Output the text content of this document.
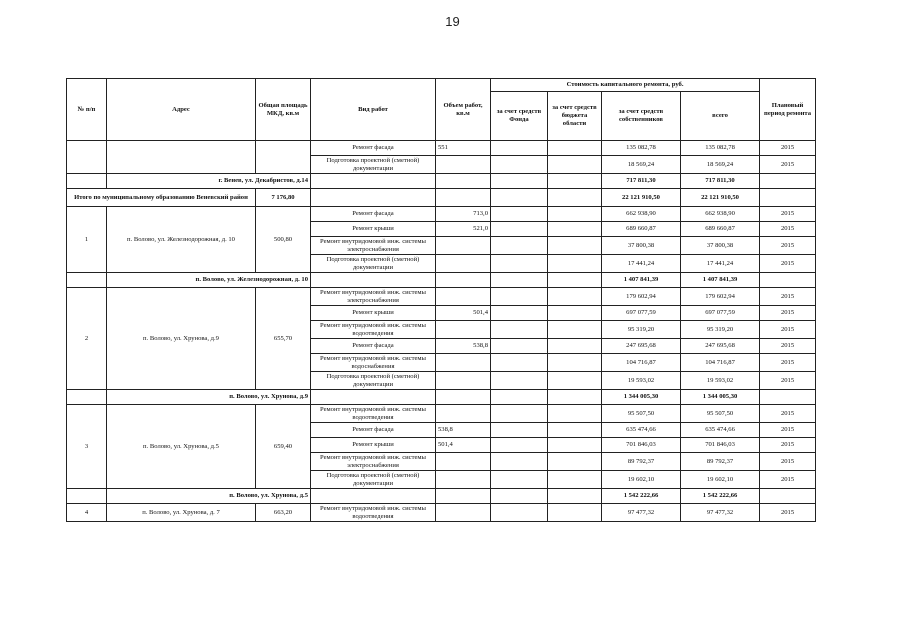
19
№ п/п	Адрес	Общая площадь МКД, кв.м	Вид работ	Объем работ, кв.м	Стоимость капитального ремонта, руб.				Плановый период ремонта
					за счет средств Фонда	за счет средств бюджета области	за счет средств собственников	всего	
			Ремонт фасада	551			135 082,78	135 082,78	2015
			Подготовка проектной (сметной) документации				18 569,24	18 569,24	2015
	г. Венев, ул. Декабристов, д.14						717 811,30	717 811,30	
Итого по муниципальному образованию Веневский район		7 176,80					22 121 910,50	22 121 910,50	
1	п. Волово, ул. Железнодорожная, д. 10	500,80	Ремонт фасада	713,0			662 938,90	662 938,90	2015
			Ремонт крыши	521,0			689 660,87	689 660,87	2015
			Ремонт внутридомовой инж. системы электроснабжения				37 800,38	37 800,38	2015
			Подготовка проектной (сметной) документации				17 441,24	17 441,24	2015
	п. Волово, ул. Железнодорожная, д. 10						1 407 841,39	1 407 841,39	
2	п. Волово, ул. Хрунова, д.9	655,70	Ремонт внутридомовой инж. системы электроснабжения				179 602,94	179 602,94	2015
			Ремонт крыши	501,4			697 077,59	697 077,59	2015
			Ремонт внутридомовой инж. системы водоотведения				95 319,20	95 319,20	2015
			Ремонт фасада	538,8			247 695,68	247 695,68	2015
			Ремонт внутридомовой инж. системы водоснабжения				104 716,87	104 716,87	2015
			Подготовка проектной (сметной) документации				19 593,02	19 593,02	2015
	п. Волово, ул. Хрунова, д.9						1 344 005,30	1 344 005,30	
3	п. Волово, ул. Хрунова, д.5	659,40	Ремонт внутридомовой инж. системы водоотведения				95 507,50	95 507,50	2015
			Ремонт фасада	538,8			635 474,66	635 474,66	2015
			Ремонт крыши	501,4			701 846,03	701 846,03	2015
			Ремонт внутридомовой инж. системы электроснабжения				89 792,37	89 792,37	2015
			Подготовка проектной (сметной) документации				19 602,10	19 602,10	2015
	п. Волово, ул. Хрунова, д.5						1 542 222,66	1 542 222,66	
4	п. Волово, ул. Хрунова, д. 7	663,20	Ремонт внутридомовой инж. системы водоотведения				97 477,32	97 477,32	2015
